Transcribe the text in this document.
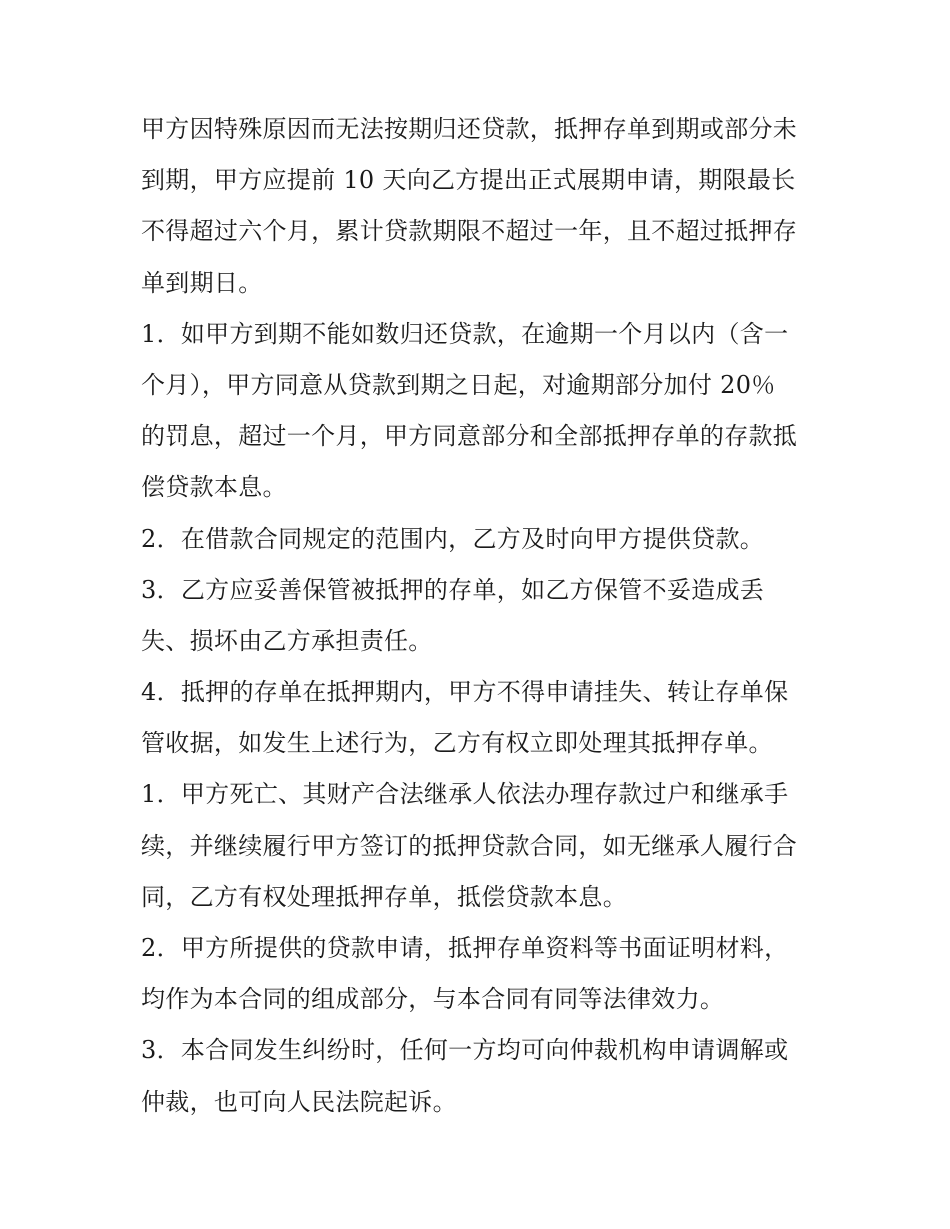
甲方因特殊原因而无法按期归还贷款，抵押存单到期或部分未
到期，甲方应提前 10 天向乙方提出正式展期申请，期限最长
不得超过六个月，累计贷款期限不超过一年，且不超过抵押存
单到期日。

1．如甲方到期不能如数归还贷款，在逾期一个月以内（含一
个月），甲方同意从贷款到期之日起，对逾期部分加付 20％
的罚息，超过一个月，甲方同意部分和全部抵押存单的存款抵
偿贷款本息。

2．在借款合同规定的范围内，乙方及时向甲方提供贷款。

3．乙方应妥善保管被抵押的存单，如乙方保管不妥造成丢
失、损坏由乙方承担责任。

4．抵押的存单在抵押期内，甲方不得申请挂失、转让存单保
管收据，如发生上述行为，乙方有权立即处理其抵押存单。

1．甲方死亡、其财产合法继承人依法办理存款过户和继承手
续，并继续履行甲方签订的抵押贷款合同，如无继承人履行合
同，乙方有权处理抵押存单，抵偿贷款本息。

2．甲方所提供的贷款申请，抵押存单资料等书面证明材料，
均作为本合同的组成部分，与本合同有同等法律效力。

3．本合同发生纠纷时，任何一方均可向仲裁机构申请调解或
仲裁，也可向人民法院起诉。
